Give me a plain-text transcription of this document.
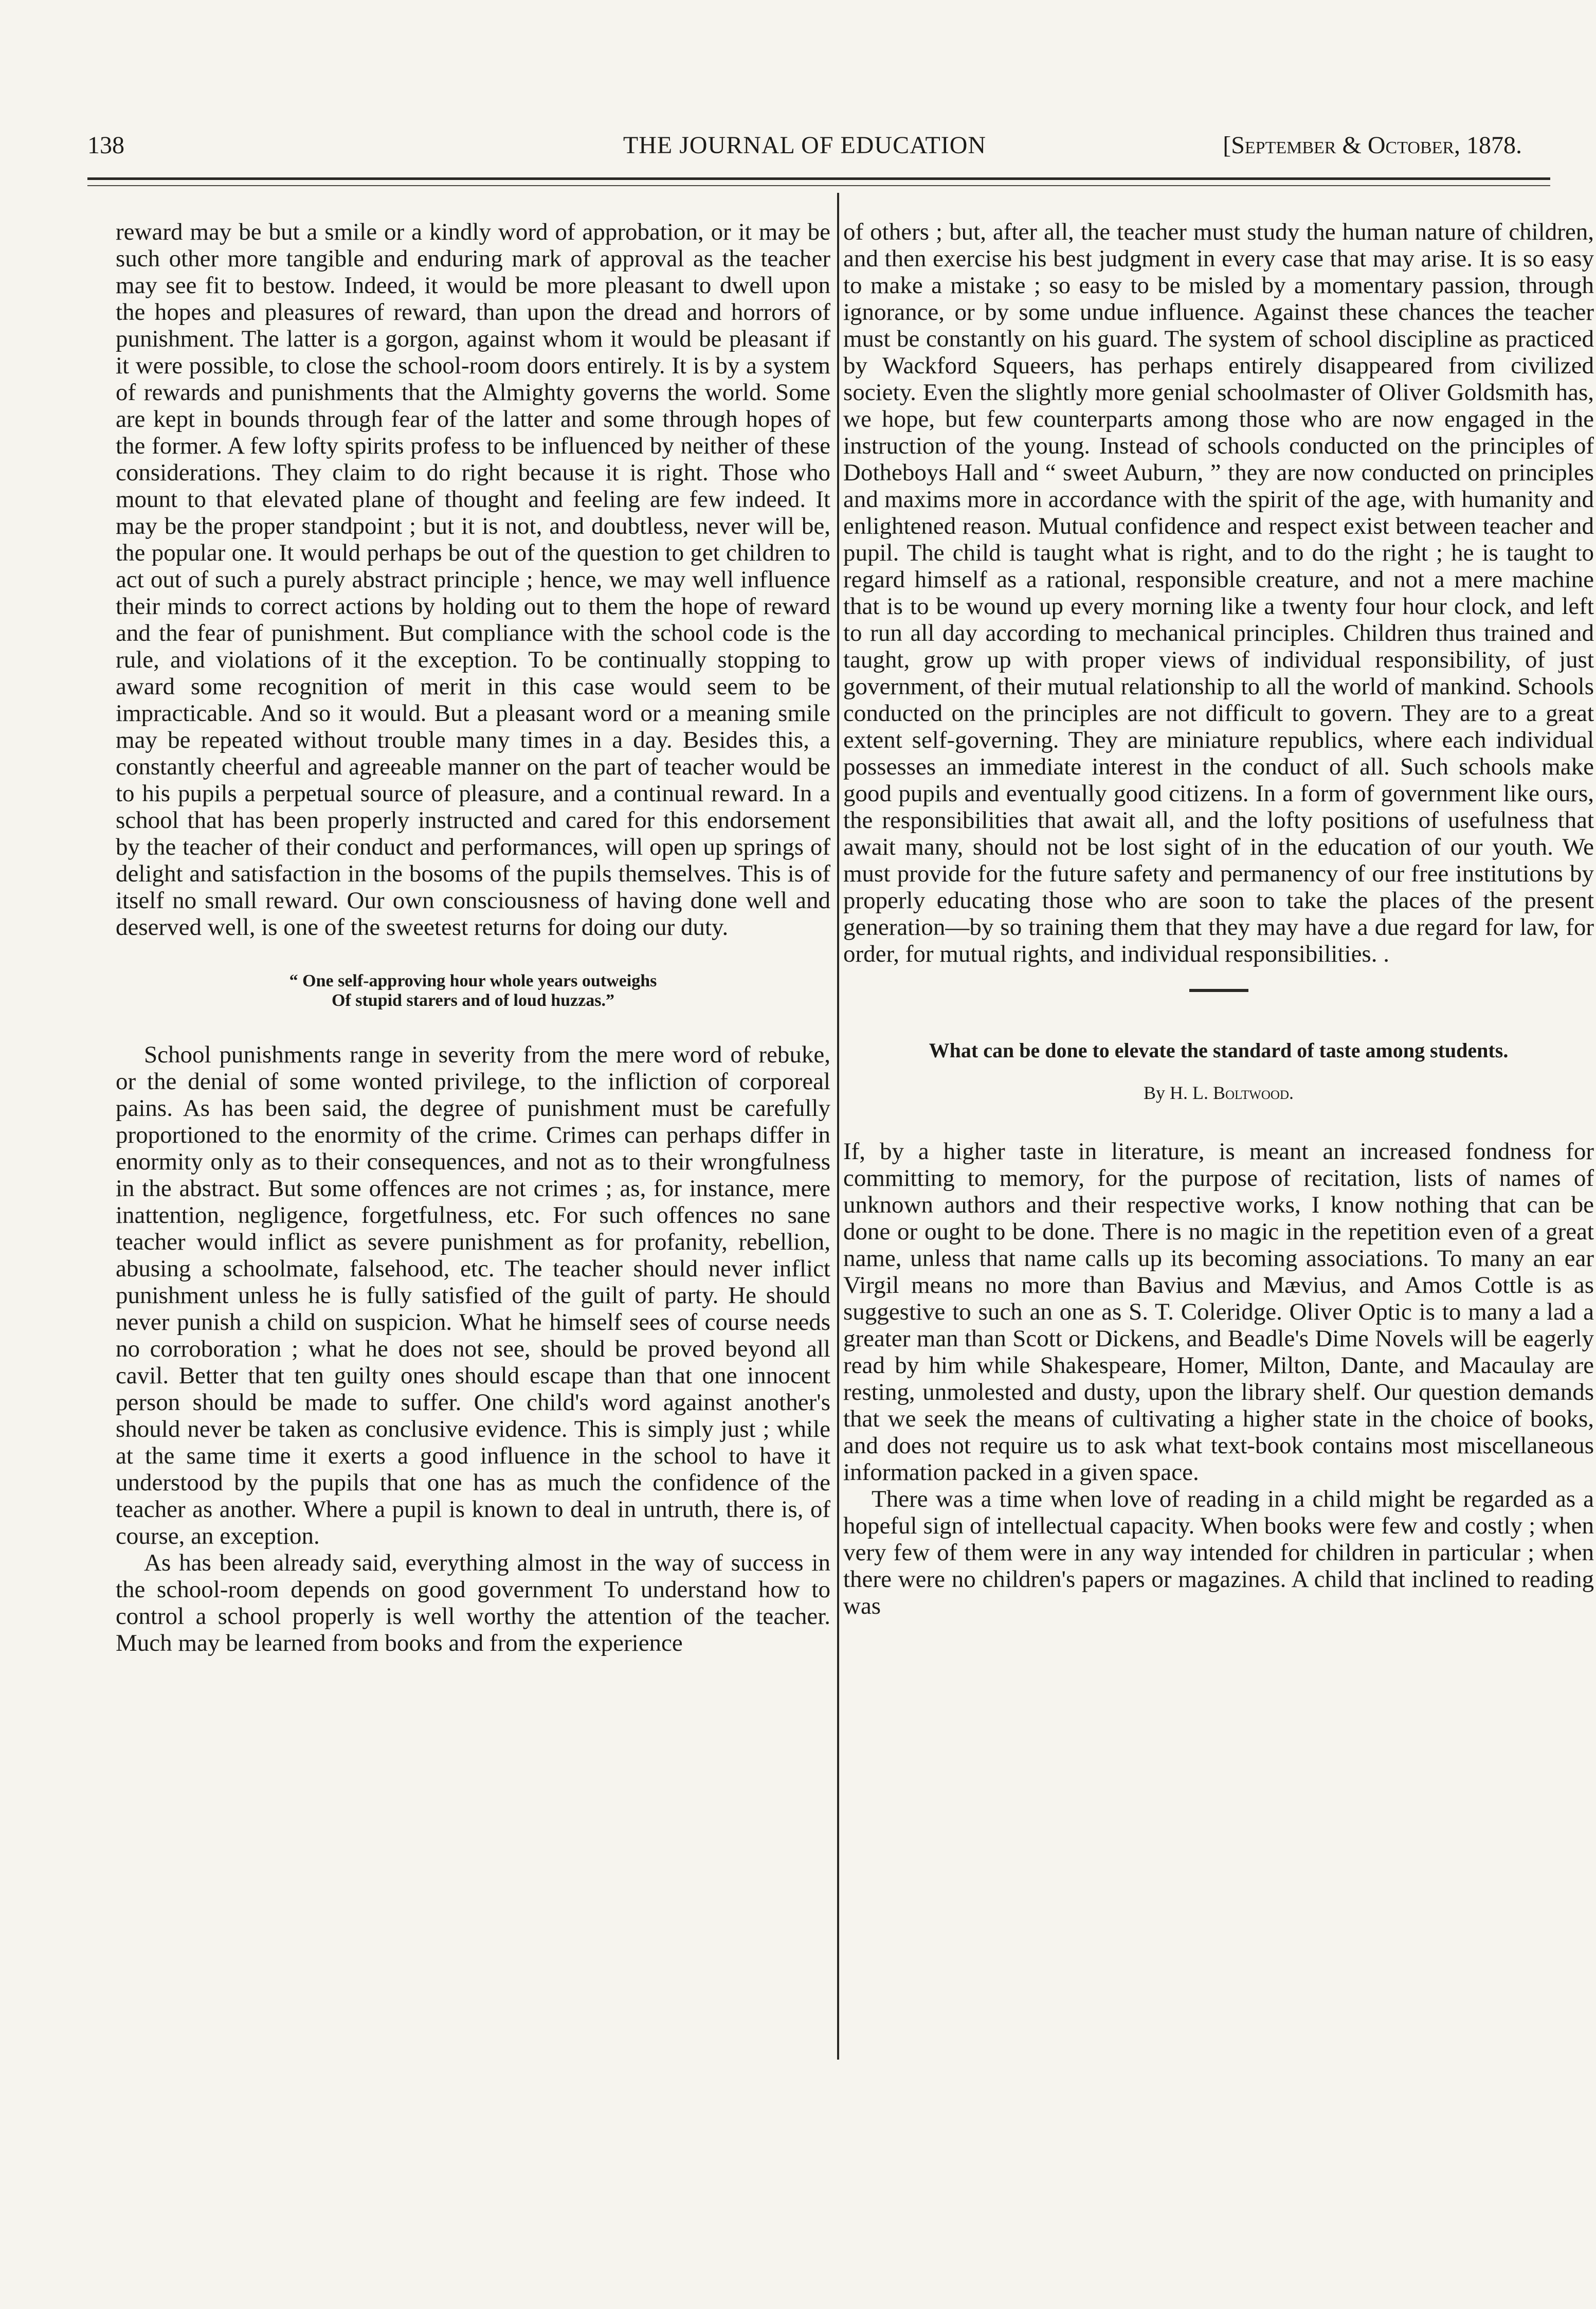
138	THE JOURNAL OF EDUCATION	[September & October, 1878.

reward may be but a smile or a kindly word of approbation, or it may be such other more tangible and enduring mark of approval as the teacher may see fit to bestow. Indeed, it would be more pleasant to dwell upon the hopes and pleasures of reward, than upon the dread and horrors of punishment. The latter is a gorgon, against whom it would be pleasant if it were possible, to close the school-room doors entirely. It is by a system of rewards and punishments that the Almighty governs the world. Some are kept in bounds through fear of the latter and some through hopes of the former. A few lofty spirits profess to be influenced by neither of these considerations. They claim to do right because it is right. Those who mount to that elevated plane of thought and feeling are few indeed. It may be the proper standpoint ; but it is not, and doubtless, never will be, the popular one. It would perhaps be out of the question to get children to act out of such a purely abstract principle ; hence, we may well influence their minds to correct actions by holding out to them the hope of reward and the fear of punishment. But compliance with the school code is the rule, and violations of it the exception. To be continually stopping to award some recognition of merit in this case would seem to be impracticable. And so it would. But a pleasant word or a meaning smile may be repeated without trouble many times in a day. Besides this, a constantly cheerful and agreeable manner on the part of teacher would be to his pupils a perpetual source of pleasure, and a continual reward. In a school that has been properly instructed and cared for this endorsement by the teacher of their conduct and performances, will open up springs of delight and satisfaction in the bosoms of the pupils themselves. This is of itself no small reward. Our own consciousness of having done well and deserved well, is one of the sweetest returns for doing our duty.

“ One self-approving hour whole years outweighs
Of stupid starers and of loud huzzas.”

School punishments range in severity from the mere word of rebuke, or the denial of some wonted privilege, to the infliction of corporeal pains. As has been said, the degree of punishment must be carefully proportioned to the enormity of the crime. Crimes can perhaps differ in enormity only as to their consequences, and not as to their wrongfulness in the abstract. But some offences are not crimes ; as, for instance, mere inattention, negligence, forgetfulness, etc. For such offences no sane teacher would inflict as severe punishment as for profanity, rebellion, abusing a schoolmate, falsehood, etc. The teacher should never inflict punishment unless he is fully satisfied of the guilt of party. He should never punish a child on suspicion. What he himself sees of course needs no corroboration ; what he does not see, should be proved beyond all cavil. Better that ten guilty ones should escape than that one innocent person should be made to suffer. One child's word against another's should never be taken as conclusive evidence. This is simply just ; while at the same time it exerts a good influence in the school to have it understood by the pupils that one has as much the confidence of the teacher as another. Where a pupil is known to deal in untruth, there is, of course, an exception.

As has been already said, everything almost in the way of success in the school-room depends on good government To understand how to control a school properly is well worthy the attention of the teacher. Much may be learned from books and from the experience

of others ; but, after all, the teacher must study the human nature of children, and then exercise his best judgment in every case that may arise. It is so easy to make a mistake ; so easy to be misled by a momentary passion, through ignorance, or by some undue influence. Against these chances the teacher must be constantly on his guard. The system of school discipline as practiced by Wackford Squeers, has perhaps entirely disappeared from civilized society. Even the slightly more genial schoolmaster of Oliver Goldsmith has, we hope, but few counterparts among those who are now engaged in the instruction of the young. Instead of schools conducted on the principles of Dotheboys Hall and “ sweet Auburn, ” they are now conducted on principles and maxims more in accordance with the spirit of the age, with humanity and enlightened reason. Mutual confidence and respect exist between teacher and pupil. The child is taught what is right, and to do the right ; he is taught to regard himself as a rational, responsible creature, and not a mere machine that is to be wound up every morning like a twenty four hour clock, and left to run all day according to mechanical principles. Children thus trained and taught, grow up with proper views of individual responsibility, of just government, of their mutual relationship to all the world of mankind. Schools conducted on the principles are not difficult to govern. They are to a great extent self-governing. They are miniature republics, where each individual possesses an immediate interest in the conduct of all. Such schools make good pupils and eventually good citizens. In a form of government like ours, the responsibilities that await all, and the lofty positions of usefulness that await many, should not be lost sight of in the education of our youth. We must provide for the future safety and permanency of our free institutions by properly educating those who are soon to take the places of the present generation—by so training them that they may have a due regard for law, for order, for mutual rights, and individual responsibilities. .

What can be done to elevate the standard of taste among students.
By H. L. Boltwood.

If, by a higher taste in literature, is meant an increased fondness for committing to memory, for the purpose of recitation, lists of names of unknown authors and their respective works, I know nothing that can be done or ought to be done. There is no magic in the repetition even of a great name, unless that name calls up its becoming associations. To many an ear Virgil means no more than Bavius and Mævius, and Amos Cottle is as suggestive to such an one as S. T. Coleridge. Oliver Optic is to many a lad a greater man than Scott or Dickens, and Beadle's Dime Novels will be eagerly read by him while Shakespeare, Homer, Milton, Dante, and Macaulay are resting, unmolested and dusty, upon the library shelf. Our question demands that we seek the means of cultivating a higher state in the choice of books, and does not require us to ask what text-book contains most miscellaneous information packed in a given space.

There was a time when love of reading in a child might be regarded as a hopeful sign of intellectual capacity. When books were few and costly ; when very few of them were in any way intended for children in particular ; when there were no children's papers or magazines. A child that inclined to reading was
